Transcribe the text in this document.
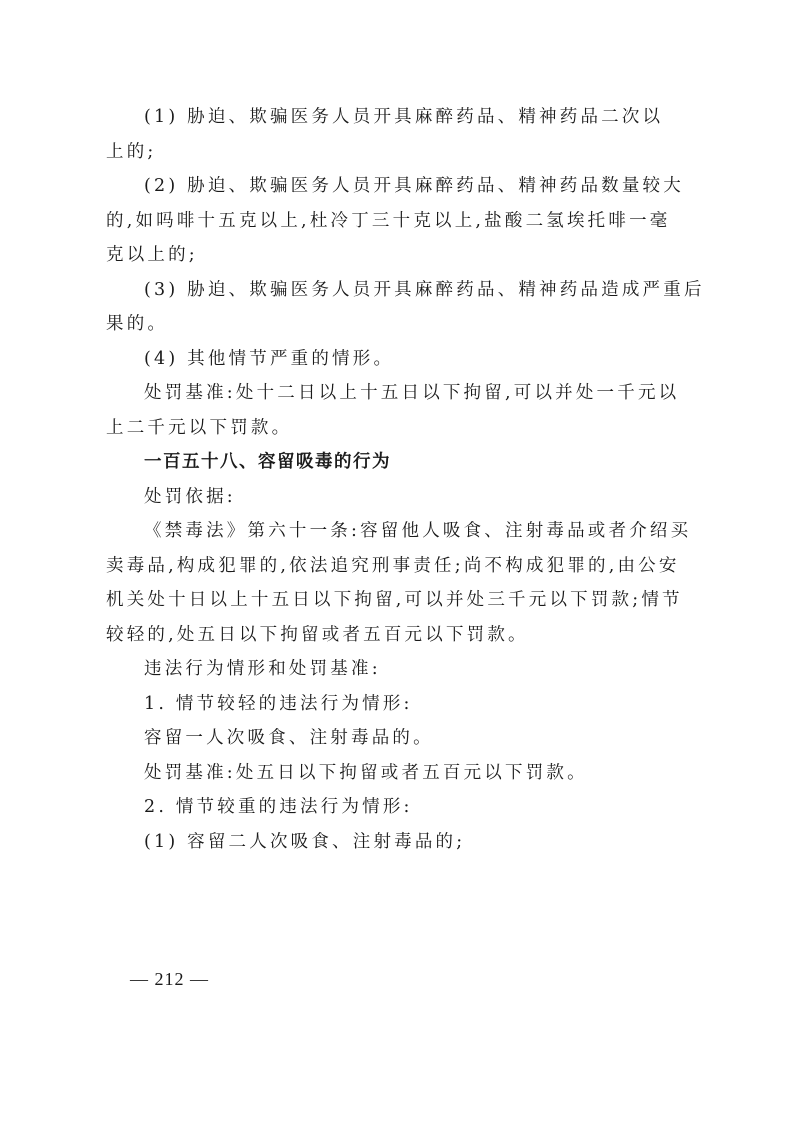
(1) 胁迫、欺骗医务人员开具麻醉药品、精神药品二次以
上的;
(2) 胁迫、欺骗医务人员开具麻醉药品、精神药品数量较大
的,如吗啡十五克以上,杜冷丁三十克以上,盐酸二氢埃托啡一毫
克以上的;
(3) 胁迫、欺骗医务人员开具麻醉药品、精神药品造成严重后
果的。
(4) 其他情节严重的情形。
处罚基准:处十二日以上十五日以下拘留,可以并处一千元以
上二千元以下罚款。
一百五十八、容留吸毒的行为
处罚依据:
《禁毒法》第六十一条:容留他人吸食、注射毒品或者介绍买
卖毒品,构成犯罪的,依法追究刑事责任;尚不构成犯罪的,由公安
机关处十日以上十五日以下拘留,可以并处三千元以下罚款;情节
较轻的,处五日以下拘留或者五百元以下罚款。
违法行为情形和处罚基准:
1. 情节较轻的违法行为情形:
容留一人次吸食、注射毒品的。
处罚基准:处五日以下拘留或者五百元以下罚款。
2. 情节较重的违法行为情形:
(1) 容留二人次吸食、注射毒品的;
— 212 —
